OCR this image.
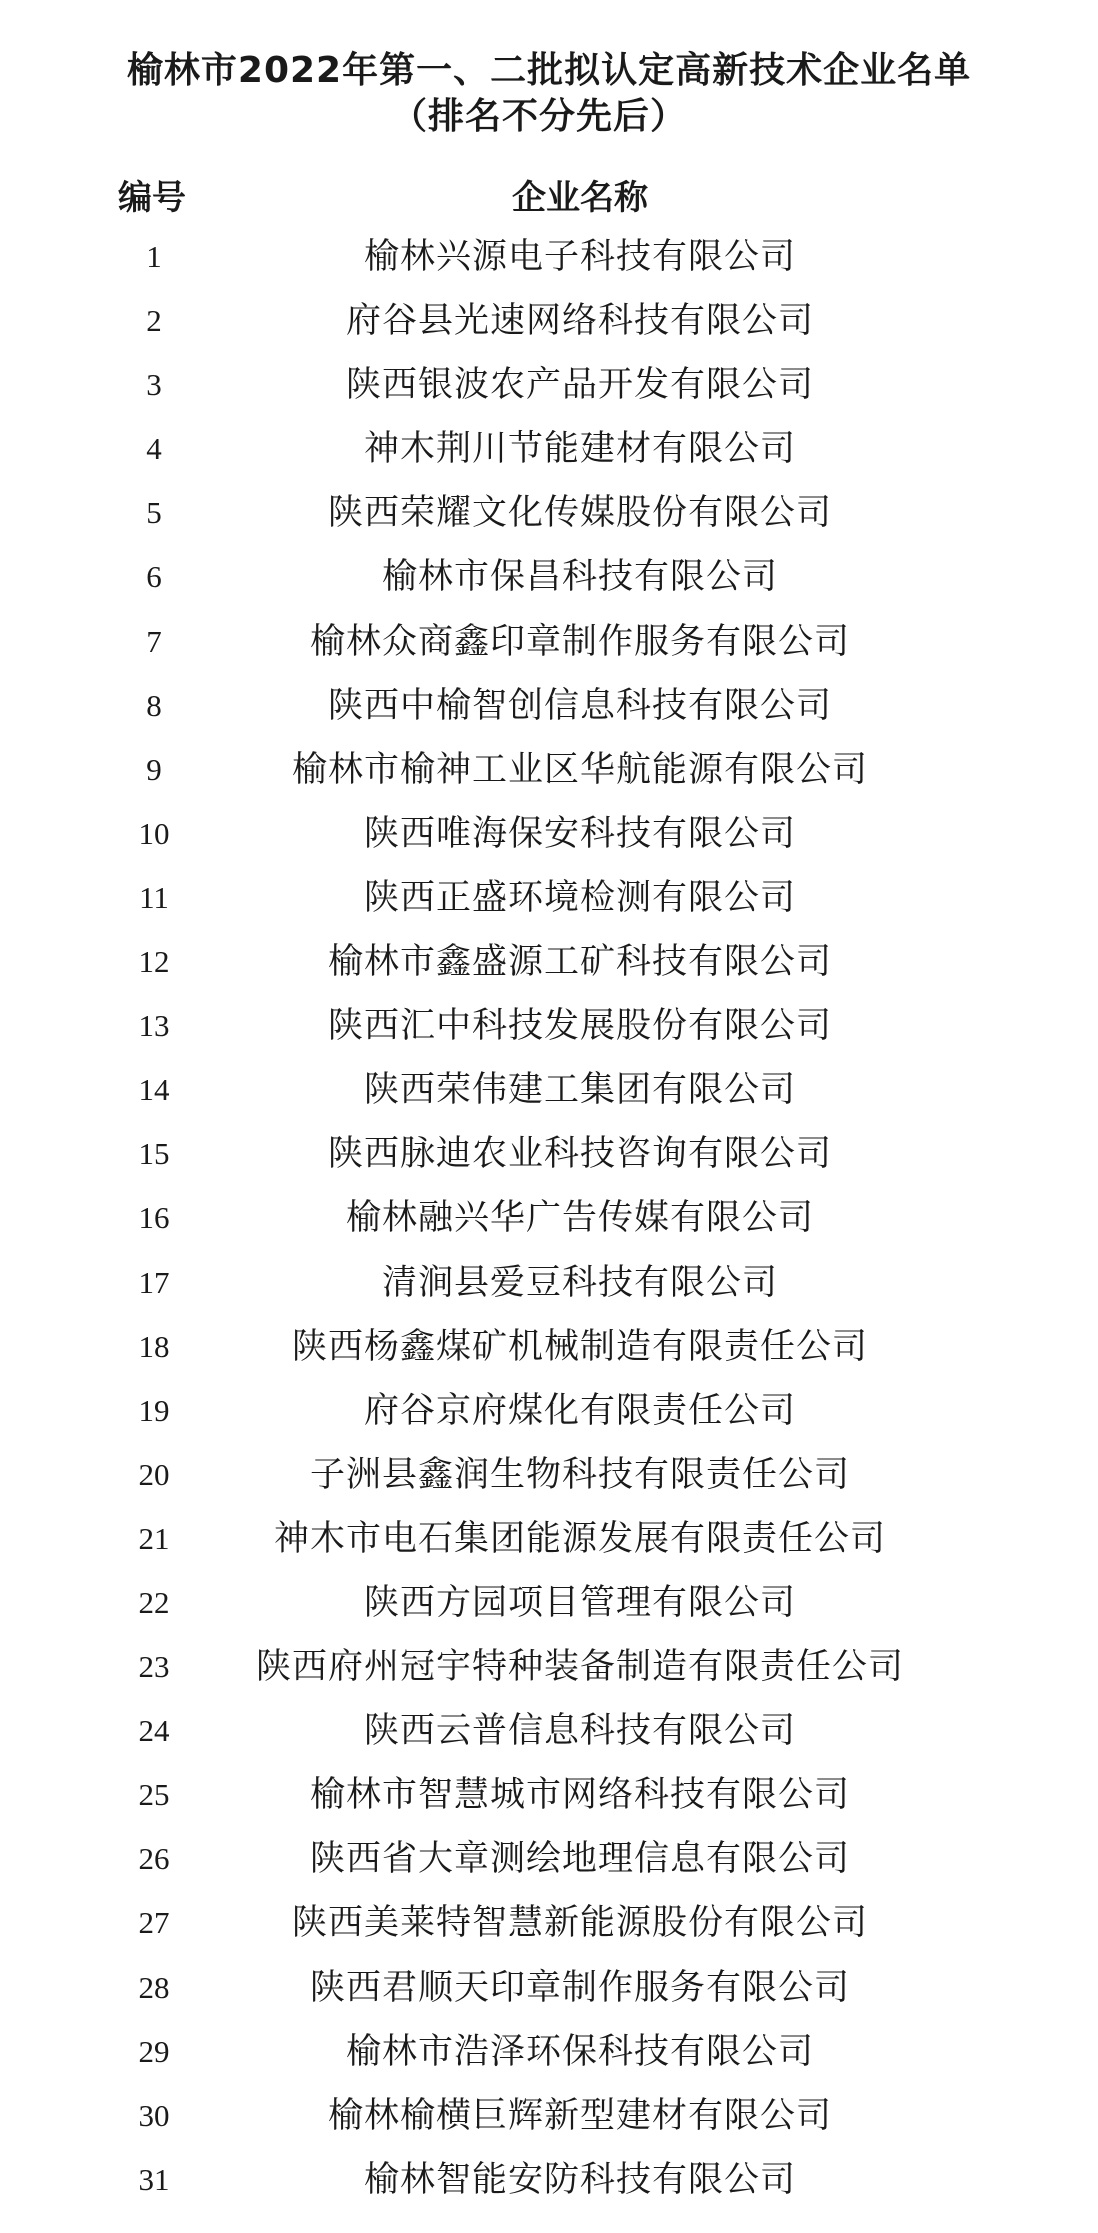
榆林市2022年第一、二批拟认定高新技术企业名单
（排名不分先后）
编号	企业名称
1	榆林兴源电子科技有限公司
2	府谷县光速网络科技有限公司
3	陕西银波农产品开发有限公司
4	神木荆川节能建材有限公司
5	陕西荣耀文化传媒股份有限公司
6	榆林市保昌科技有限公司
7	榆林众商鑫印章制作服务有限公司
8	陕西中榆智创信息科技有限公司
9	榆林市榆神工业区华航能源有限公司
10	陕西唯海保安科技有限公司
11	陕西正盛环境检测有限公司
12	榆林市鑫盛源工矿科技有限公司
13	陕西汇中科技发展股份有限公司
14	陕西荣伟建工集团有限公司
15	陕西脉迪农业科技咨询有限公司
16	榆林融兴华广告传媒有限公司
17	清涧县爱豆科技有限公司
18	陕西杨鑫煤矿机械制造有限责任公司
19	府谷京府煤化有限责任公司
20	子洲县鑫润生物科技有限责任公司
21	神木市电石集团能源发展有限责任公司
22	陕西方园项目管理有限公司
23	陕西府州冠宇特种装备制造有限责任公司
24	陕西云普信息科技有限公司
25	榆林市智慧城市网络科技有限公司
26	陕西省大章测绘地理信息有限公司
27	陕西美莱特智慧新能源股份有限公司
28	陕西君顺天印章制作服务有限公司
29	榆林市浩泽环保科技有限公司
30	榆林榆横巨辉新型建材有限公司
31	榆林智能安防科技有限公司
